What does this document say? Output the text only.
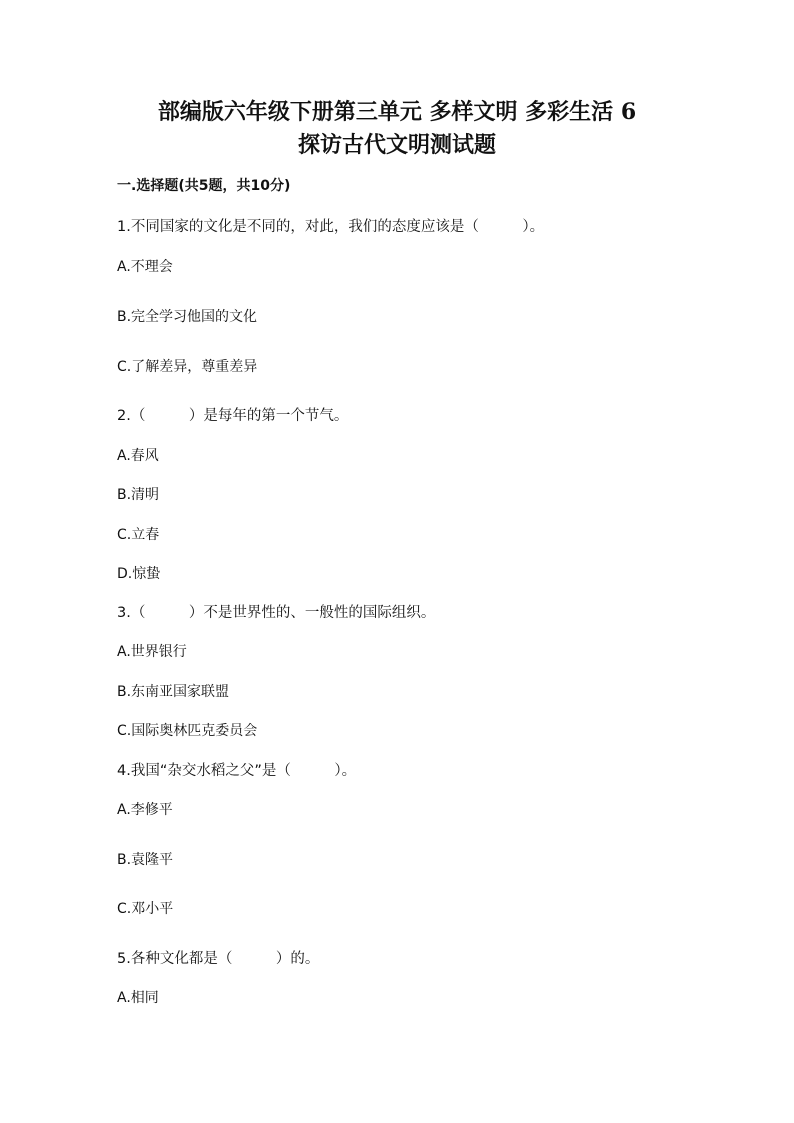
部编版六年级下册第三单元 多样文明 多彩生活 6
探访古代文明测试题
一.选择题(共5题，共10分)
1.不同国家的文化是不同的，对此，我们的态度应该是（　　　）。
A.不理会
B.完全学习他国的文化
C.了解差异，尊重差异
2.（　　　）是每年的第一个节气。
A.春风
B.清明
C.立春
D.惊蛰
3.（　　　）不是世界性的、一般性的国际组织。
A.世界银行
B.东南亚国家联盟
C.国际奥林匹克委员会
4.我国“杂交水稻之父”是（　　　）。
A.李修平
B.袁隆平
C.邓小平
5.各种文化都是（　　　）的。
A.相同
